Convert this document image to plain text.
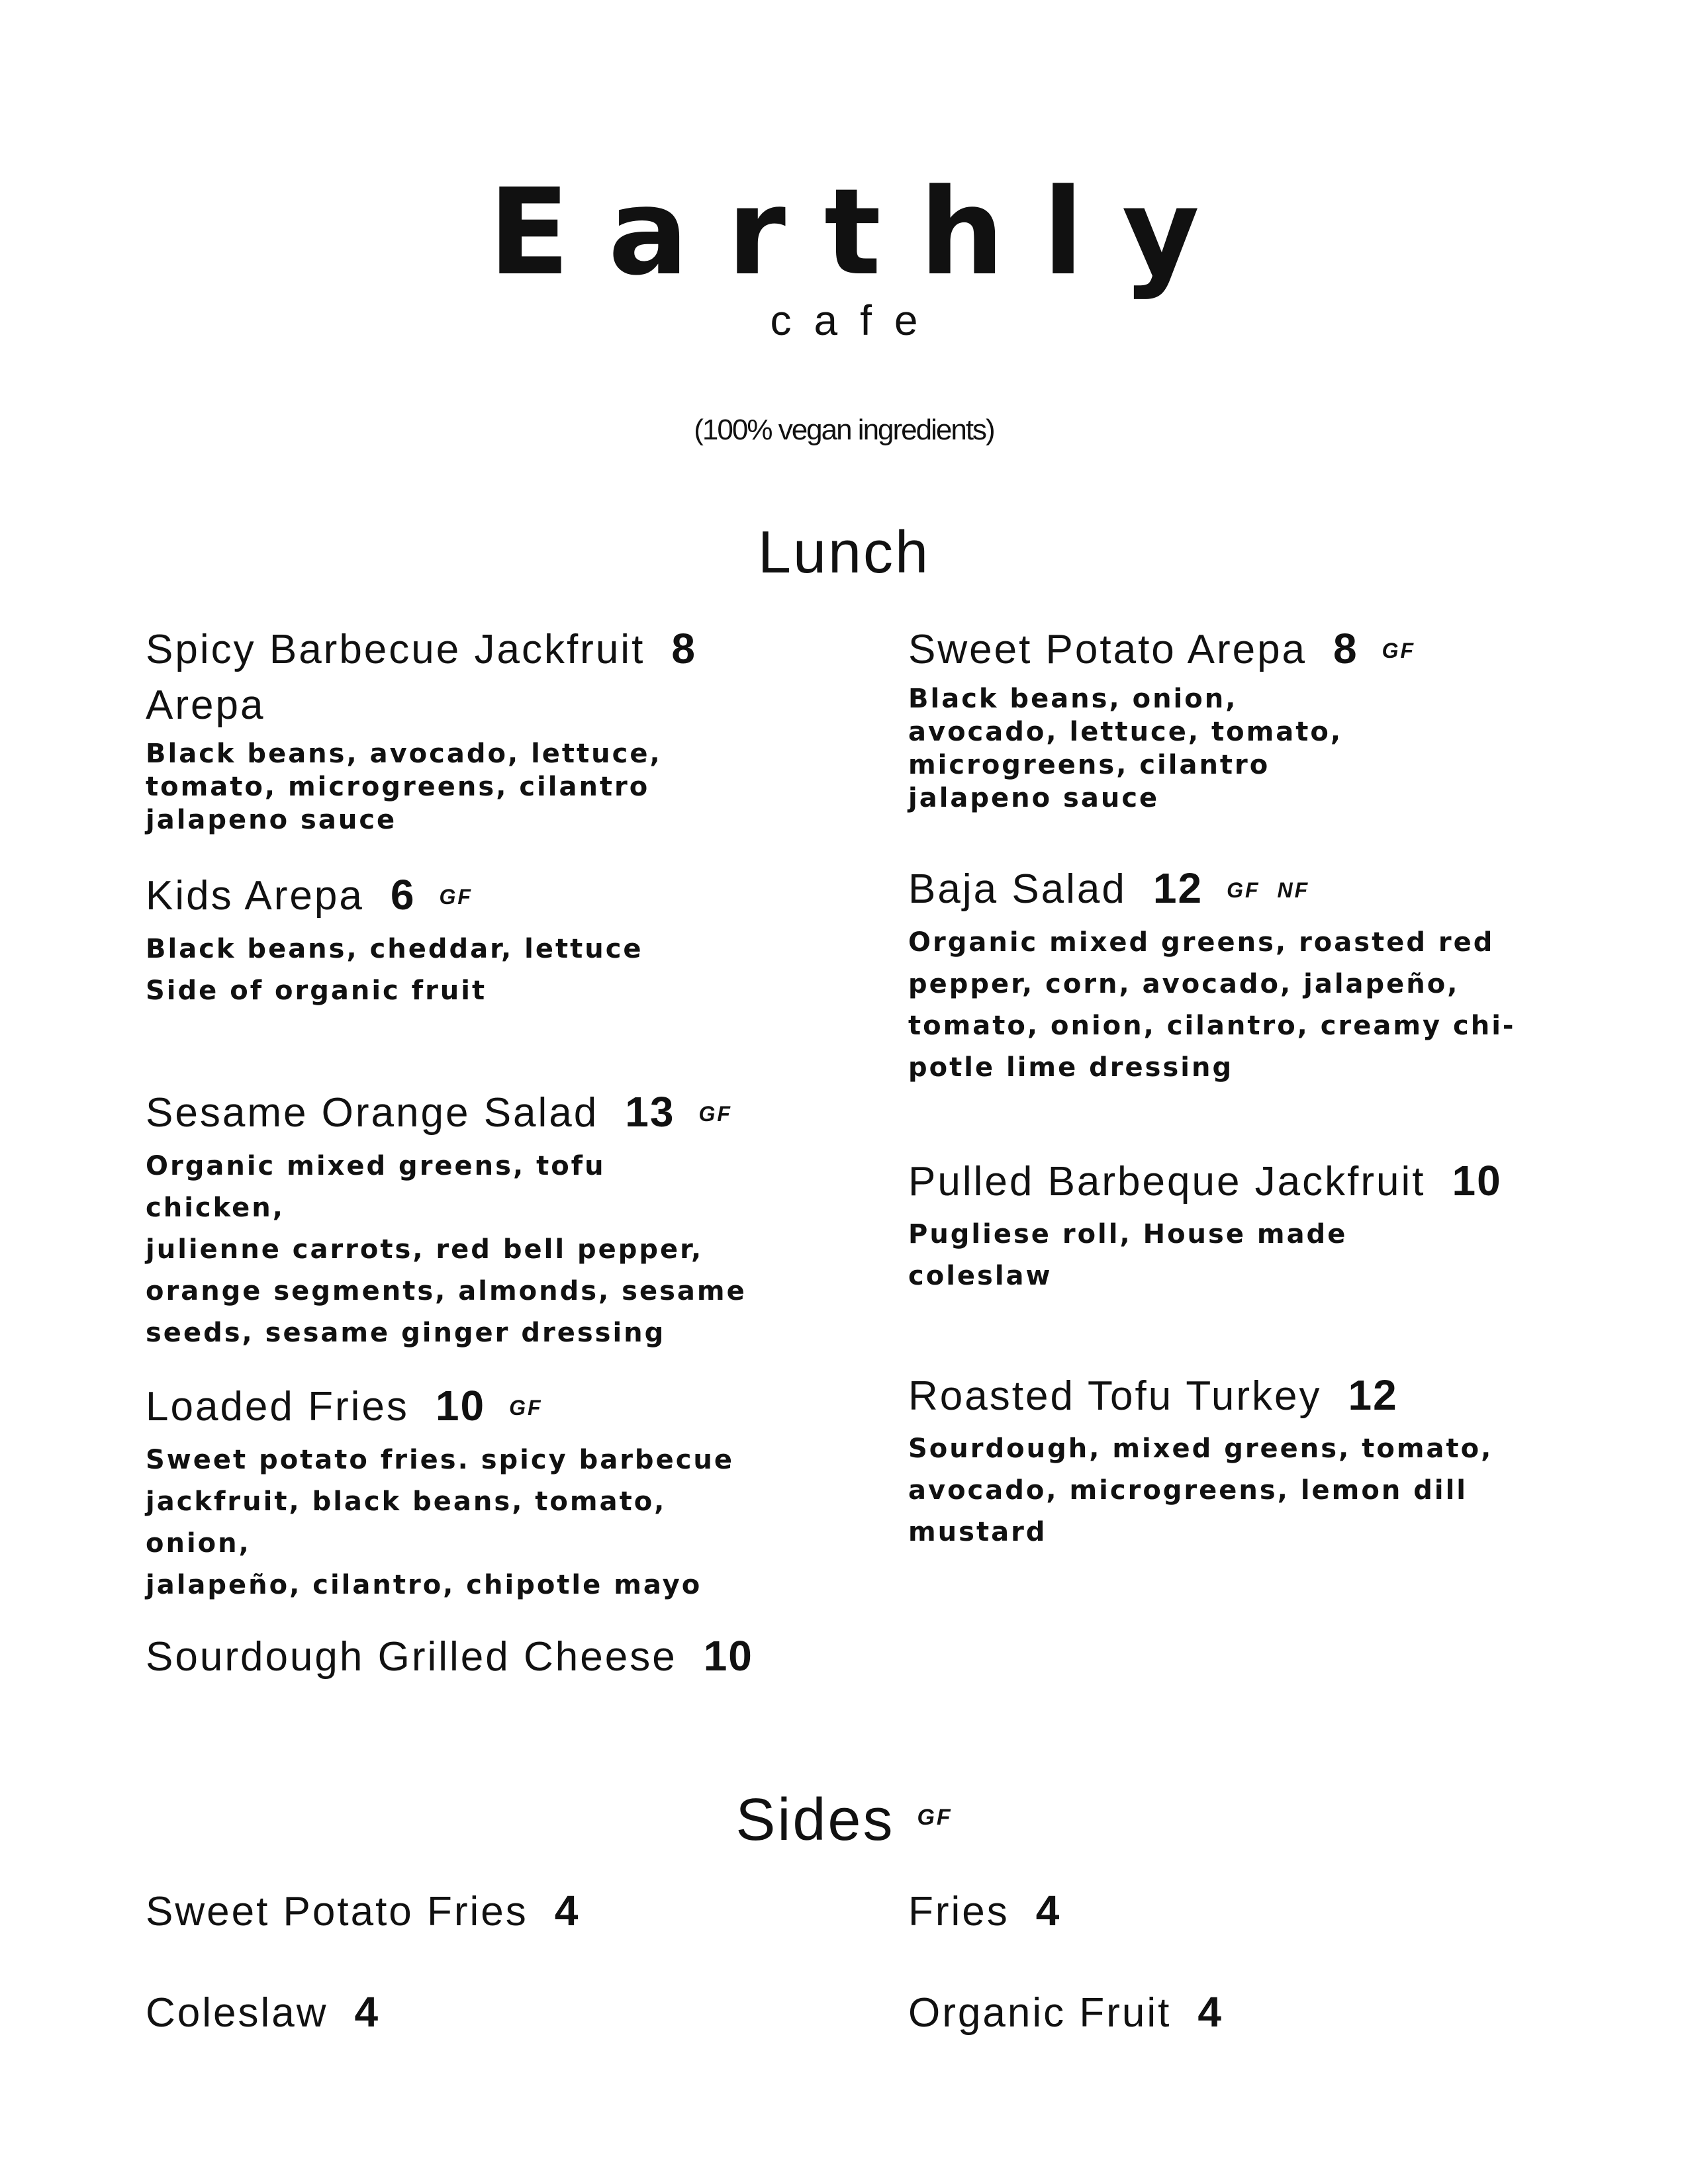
Earthly
cafe
(100% vegan ingredients)
Lunch
Spicy Barbecue Jackfruit 8
Arepa
Black beans, avocado, lettuce, tomato, microgreens, cilantro jalapeno sauce
Sweet Potato Arepa 8 GF
Black beans, onion, avocado, lettuce, tomato, microgreens, cilantro jalapeno sauce
Kids Arepa 6 GF
Black beans, cheddar, lettuce
Side of organic fruit
Baja Salad 12 GF NF
Organic mixed greens, roasted red
pepper, corn, avocado, jalapeño,
tomato, onion, cilantro, creamy chi-
potle lime dressing
Sesame Orange Salad 13 GF
Organic mixed greens, tofu chicken,
julienne carrots, red bell pepper,
orange segments, almonds, sesame
seeds, sesame ginger dressing
Pulled Barbeque Jackfruit 10
Pugliese roll, House made
coleslaw
Loaded Fries 10 GF
Sweet potato fries. spicy barbecue
jackfruit, black beans, tomato, onion,
jalapeño, cilantro, chipotle mayo
Roasted Tofu Turkey 12
Sourdough, mixed greens, tomato,
avocado, microgreens, lemon dill
mustard
Sourdough Grilled Cheese 10
Sides GF
Sweet Potato Fries 4	Fries 4
Coleslaw 4	Organic Fruit 4
